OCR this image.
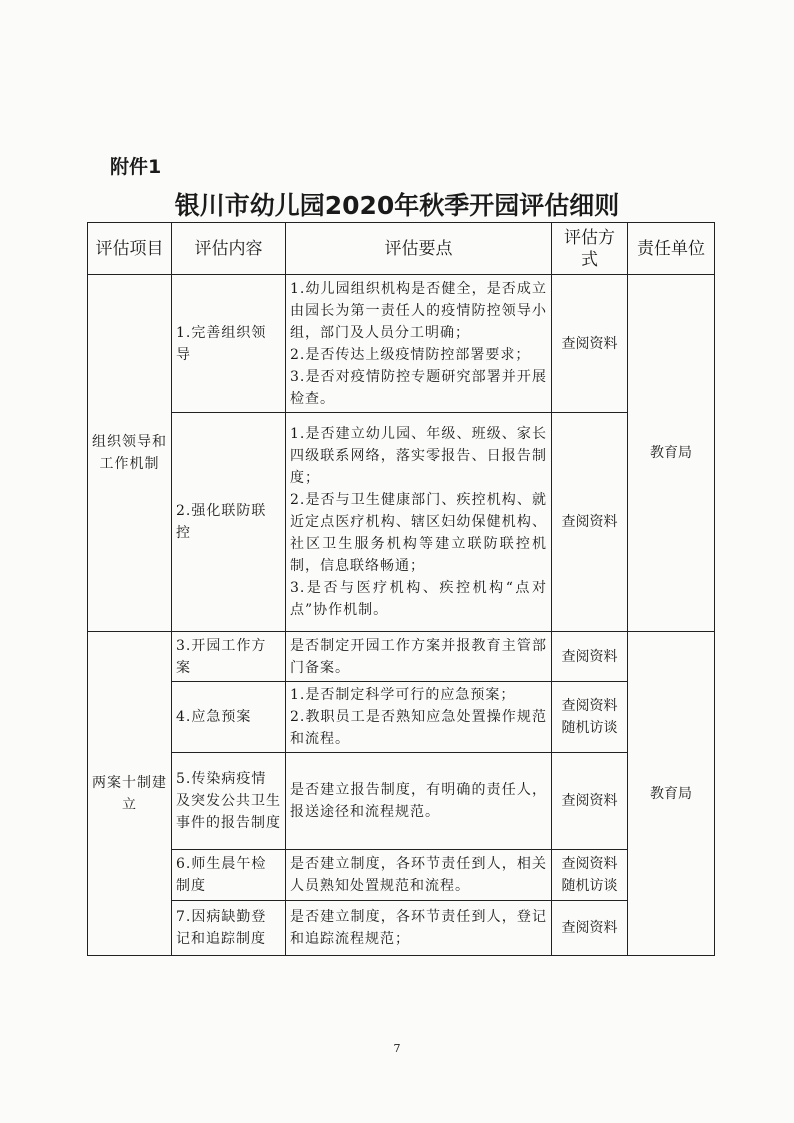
附件1
银川市幼儿园2020年秋季开园评估细则
评估项目	评估内容	评估要点	评估方式	责任单位
组织领导和工作机制	1.完善组织领导	1.幼儿园组织机构是否健全，是否成立由园长为第一责任人的疫情防控领导小组，部门及人员分工明确；
2.是否传达上级疫情防控部署要求；
3.是否对疫情防控专题研究部署并开展检查。	查阅资料	教育局
	2.强化联防联控	1.是否建立幼儿园、年级、班级、家长四级联系网络，落实零报告、日报告制度；
2.是否与卫生健康部门、疾控机构、就近定点医疗机构、辖区妇幼保健机构、社区卫生服务机构等建立联防联控机制，信息联络畅通；
3.是否与医疗机构、疾控机构“点对点”协作机制。	查阅资料	

两案十制建立	3.开园工作方案	是否制定开园工作方案并报教育主管部门备案。	查阅资料	教育局
	4.应急预案	1.是否制定科学可行的应急预案；
2.教职员工是否熟知应急处置操作规范和流程。	查阅资料
随机访谈	

	5.传染病疫情及突发公共卫生事件的报告制度	是否建立报告制度，有明确的责任人，报送途径和流程规范。	查阅资料	

	6.师生晨午检制度	是否建立制度，各环节责任到人，相关人员熟知处置规范和流程。	查阅资料
随机访谈	

	7.因病缺勤登记和追踪制度	是否建立制度，各环节责任到人，登记和追踪流程规范；	查阅资料	
7
